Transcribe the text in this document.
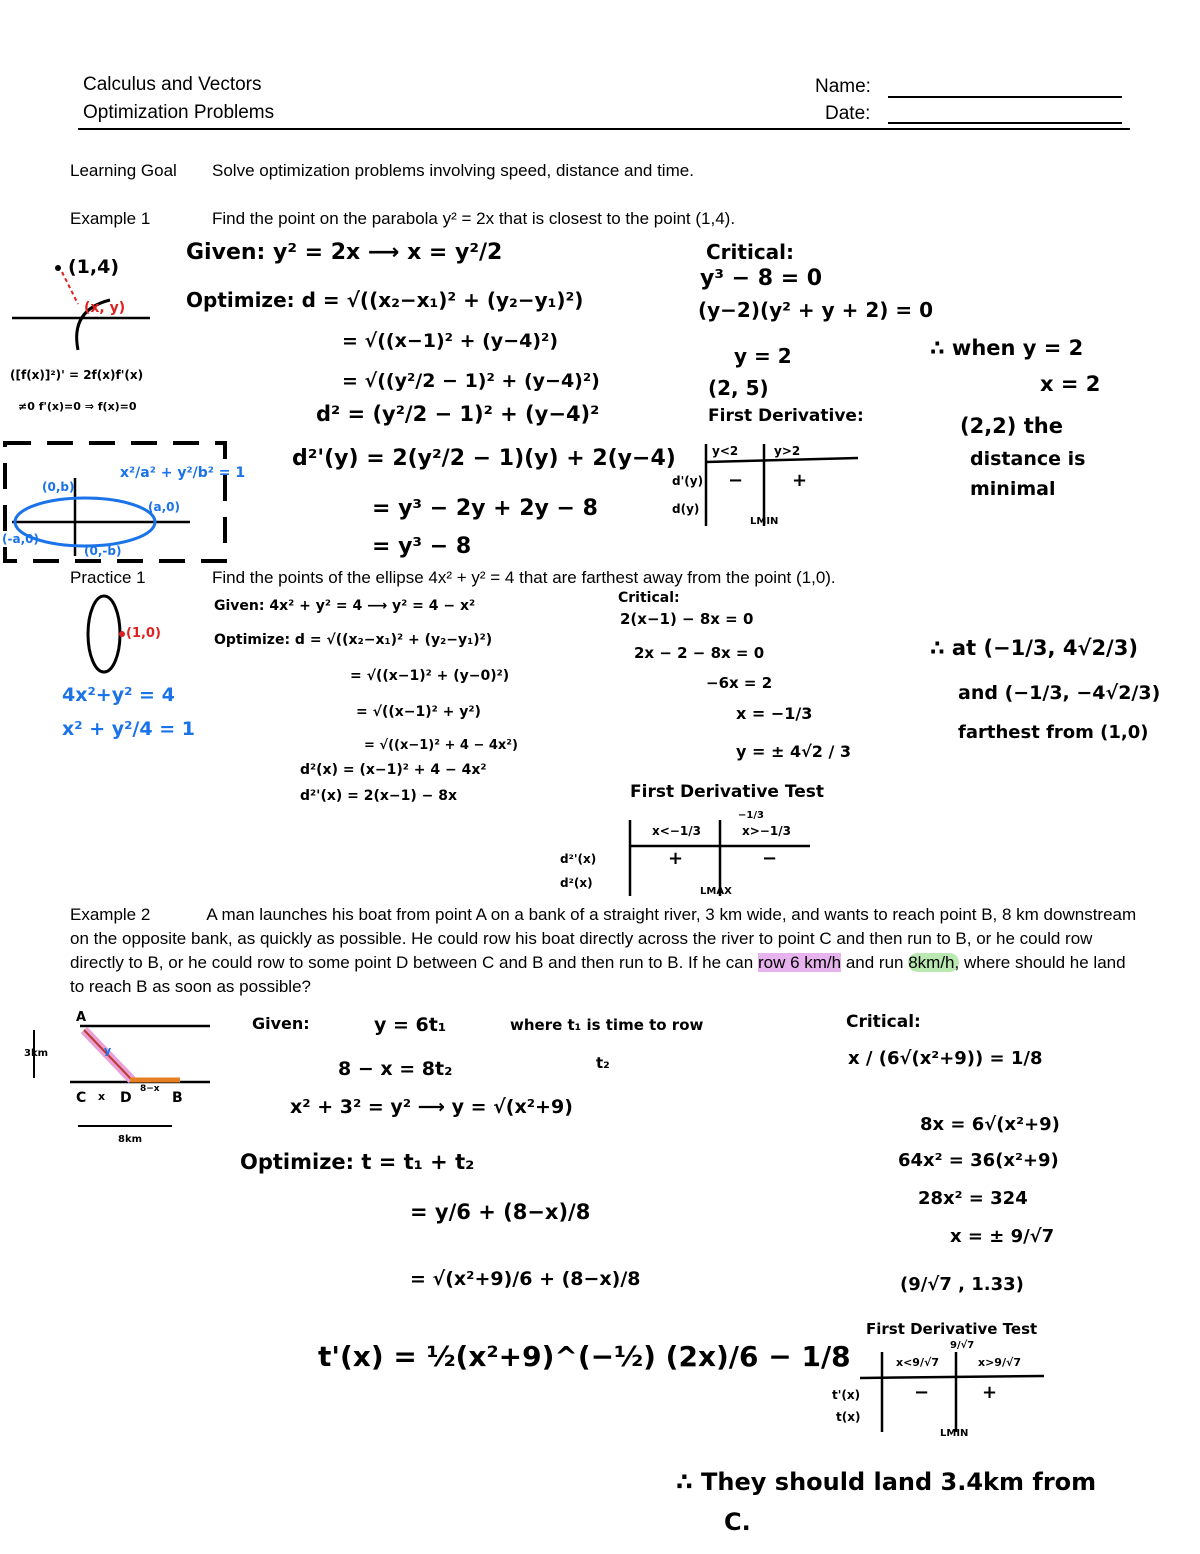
Calculus and Vectors
Optimization Problems
Name:
Date:
Learning Goal Solve optimization problems involving speed, distance and time.
Example 1	Find the point on the parabola y² = 2x that is closest to the point (1,4).
(1,4)
(x, y)
([f(x)]²)' = 2f(x)f'(x)
≠0 f'(x)=0 ⇒ f(x)=0
x²/a² + y²/b² = 1
(0,b)
(a,0)
(-a,0)
(0,-b)
Given: y² = 2x ⟶ x = y²/2
Optimize: d = √((x₂−x₁)² + (y₂−y₁)²)
= √((x−1)² + (y−4)²)
= √((y²/2 − 1)² + (y−4)²)
d² = (y²/2 − 1)² + (y−4)²
d²'(y) = 2(y²/2 − 1)(y) + 2(y−4)
= y³ − 2y + 2y − 8
= y³ − 8
Critical:
y³ − 8 = 0
(y−2)(y² + y + 2) = 0
y = 2
(2, 5)
First Derivative:
y<2	y>2
d'(y)
d(y)
−	+
LMIN
∴ when y = 2
x = 2
(2,2) the
distance is
minimal
Practice 1	Find the points of the ellipse 4x² + y² = 4 that are farthest away from the point (1,0).
(1,0)
4x²+y² = 4
x² + y²/4 = 1
Given: 4x² + y² = 4 ⟶ y² = 4 − x²
Optimize: d = √((x₂−x₁)² + (y₂−y₁)²)
= √((x−1)² + (y−0)²)
= √((x−1)² + y²)
= √((x−1)² + 4 − 4x²)
d²(x) = (x−1)² + 4 − 4x²
d²'(x) = 2(x−1) − 8x
Critical:
2(x−1) − 8x = 0
2x − 2 − 8x = 0
−6x = 2
x = −1/3
y = ± 4√2 / 3
First Derivative Test
−1/3
x<−1/3	x>−1/3
d²'(x)
d²(x)
+	−
LMAX
∴ at (−1/3, 4√2/3)
and (−1/3, −4√2/3)
farthest from (1,0)
Example 2	A man launches his boat from point A on a bank of a straight river, 3 km wide, and wants to reach point B, 8 km downstream on the opposite bank, as quickly as possible. He could row his boat directly across the river to point C and then run to B, or he could row directly to B, or he could row to some point D between C and B and then run to B. If he can row 6 km/h and run 8km/h, where should he land to reach B as soon as possible?
A
3km	y
C x D
8−x
B
8km
Given:	y = 6t₁	where t₁ is time to row
8 − x = 8t₂	t₂
x² + 3² = y² ⟶ y = √(x²+9)
Optimize: t = t₁ + t₂
= y/6 + (8−x)/8
= √(x²+9)/6 + (8−x)/8
t'(x) = ½(x²+9)^(−½) (2x)/6 − 1/8
Critical:
x / (6√(x²+9)) = 1/8
8x = 6√(x²+9)
64x² = 36(x²+9)
28x² = 324
x = ± 9/√7
(9/√7 , 1.33)
First Derivative Test
9/√7
x<9/√7	x>9/√7
t'(x)
t(x)
−	+
LMIN
∴ They should land 3.4km from
C.
